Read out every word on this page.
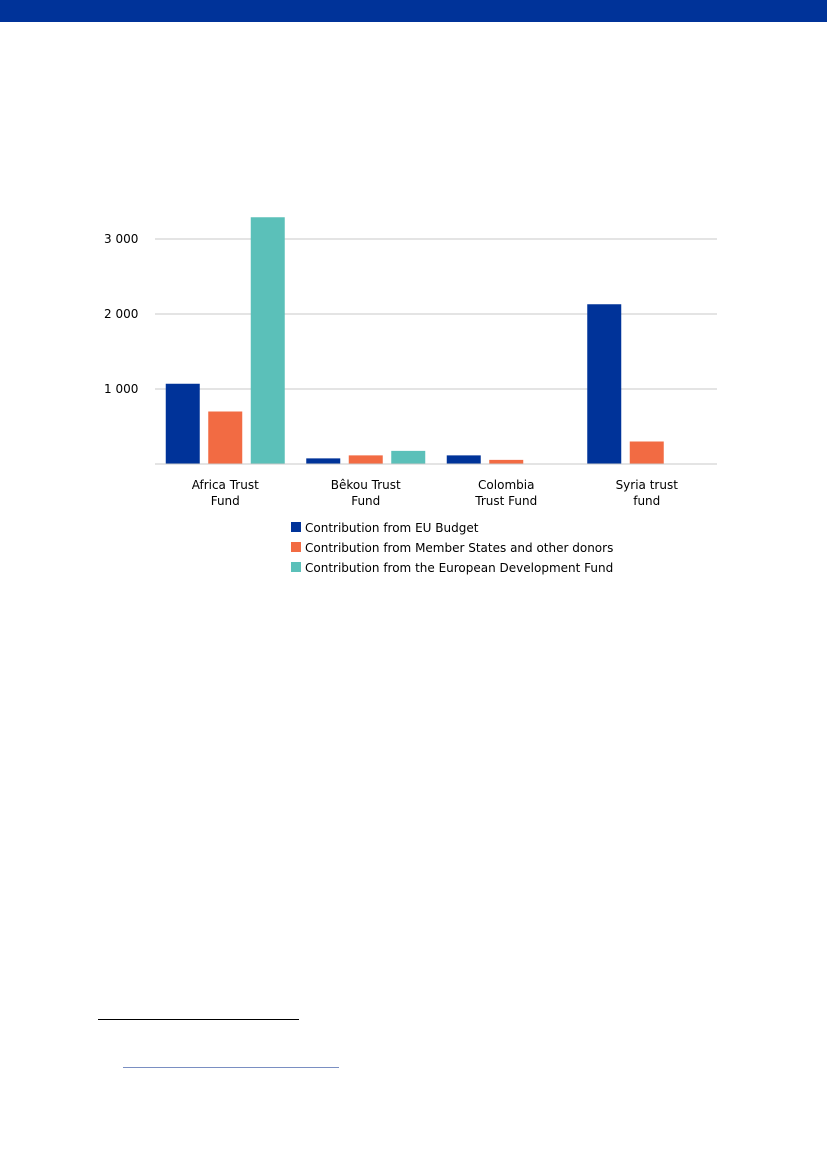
1 000
2 000
3 000
Africa Trust
Fund
Bêkou Trust
Fund
Colombia
Trust Fund
Syria trust
fund
Contribution from EU Budget
Contribution from Member States and other donors
Contribution from the European Development Fund
